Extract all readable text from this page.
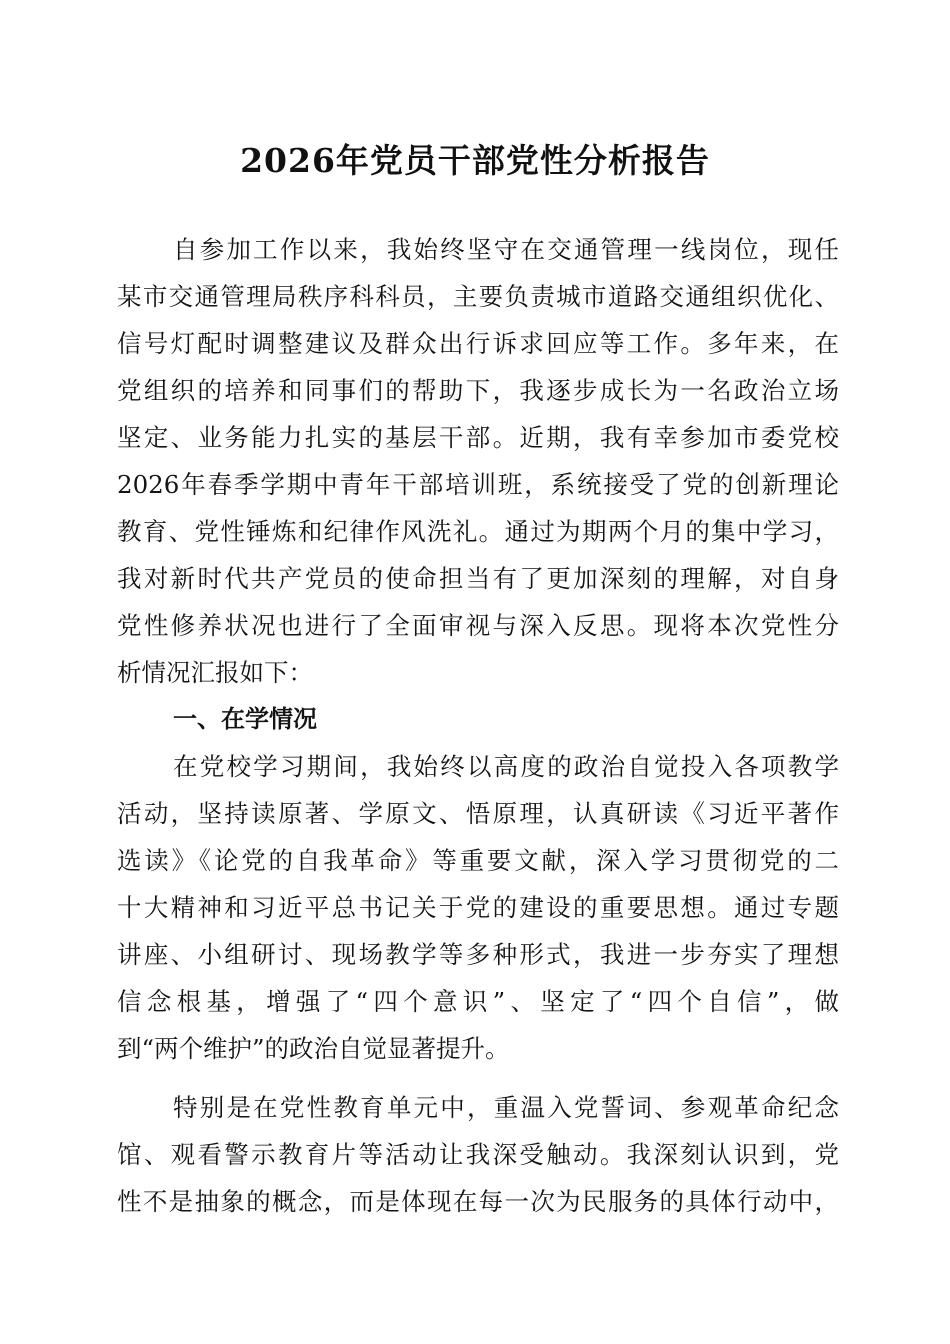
2026年党员干部党性分析报告
自参加工作以来，我始终坚守在交通管理一线岗位，现任
某市交通管理局秩序科科员，主要负责城市道路交通组织优化、
信号灯配时调整建议及群众出行诉求回应等工作。多年来，在
党组织的培养和同事们的帮助下，我逐步成长为一名政治立场
坚定、业务能力扎实的基层干部。近期，我有幸参加市委党校
2026年春季学期中青年干部培训班，系统接受了党的创新理论
教育、党性锤炼和纪律作风洗礼。通过为期两个月的集中学习，
我对新时代共产党员的使命担当有了更加深刻的理解，对自身
党性修养状况也进行了全面审视与深入反思。现将本次党性分
析情况汇报如下：
一、在学情况
在党校学习期间，我始终以高度的政治自觉投入各项教学
活动，坚持读原著、学原文、悟原理，认真研读《习近平著作
选读》《论党的自我革命》等重要文献，深入学习贯彻党的二
十大精神和习近平总书记关于党的建设的重要思想。通过专题
讲座、小组研讨、现场教学等多种形式，我进一步夯实了理想
信念根基，增强了“四个意识”、坚定了“四个自信”，做
到“两个维护”的政治自觉显著提升。
特别是在党性教育单元中，重温入党誓词、参观革命纪念
馆、观看警示教育片等活动让我深受触动。我深刻认识到，党
性不是抽象的概念，而是体现在每一次为民服务的具体行动中，
